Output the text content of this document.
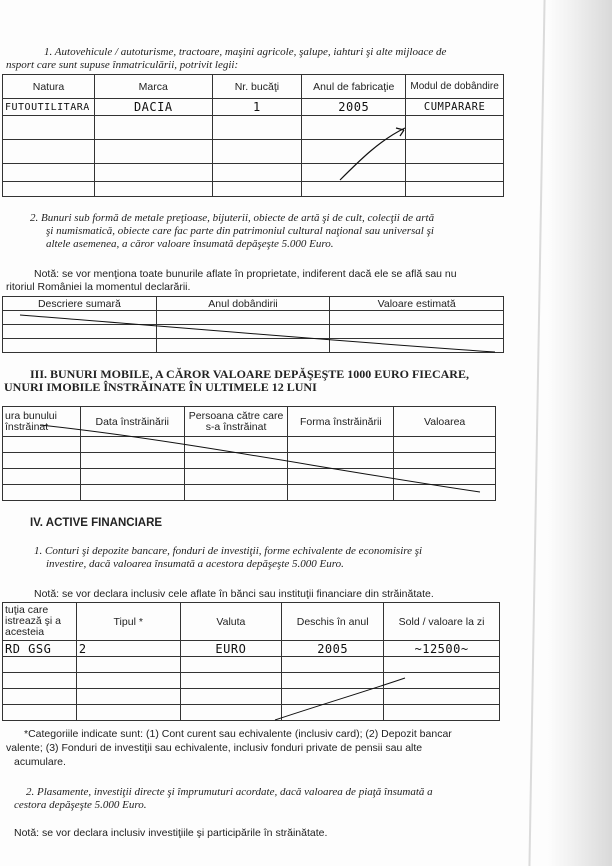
1. Autovehicule / autoturisme, tractoare, maşini agricole, şalupe, iahturi şi alte mijloace de
nsport care sunt supuse înmatriculării, potrivit legii:
Natura	Marca	Nr. bucăţi	Anul de fabricaţie	Modul de dobândire
FUTOUTILITARA	DACIA	1	2005	CUMPARARE

2. Bunuri sub formă de metale preţioase, bijuterii, obiecte de artă şi de cult, colecţii de artă
şi numismatică, obiecte care fac parte din patrimoniul cultural naţional sau universal şi
altele asemenea, a căror valoare însumată depăşeşte 5.000 Euro.
Notă: se vor menţiona toate bunurile aflate în proprietate, indiferent dacă ele se află sau nu
ritoriul României la momentul declarării.
Descriere sumară	Anul dobândirii	Valoare estimată

III. BUNURI MOBILE, A CĂROR VALOARE DEPĂŞEŞTE 1000 EURO FIECARE,
UNURI IMOBILE ÎNSTRĂINATE ÎN ULTIMELE 12 LUNI
ura bunului înstrăinat	Data înstrăinării	Persoana către care s-a înstrăinat	Forma înstrăinării	Valoarea

IV. ACTIVE FINANCIARE
1. Conturi şi depozite bancare, fonduri de investiţii, forme echivalente de economisire şi
investire, dacă valoarea însumată a acestora depăşeşte 5.000 Euro.
Notă: se vor declara inclusiv cele aflate în bănci sau instituţii financiare din străinătate.
tuţia care istrează şi a acesteia	Tipul *	Valuta	Deschis în anul	Sold / valoare la zi
RD GSG	2	EURO	2005	~12500~

*Categoriile indicate sunt: (1) Cont curent sau echivalente (inclusiv card); (2) Depozit bancar
valente; (3) Fonduri de investiţii sau echivalente, inclusiv fonduri private de pensii sau alte
acumulare.
2. Plasamente, investiţii directe şi împrumuturi acordate, dacă valoarea de piaţă însumată a
cestora depăşeşte 5.000 Euro.
Notă: se vor declara inclusiv investiţiile şi participările în străinătate.
